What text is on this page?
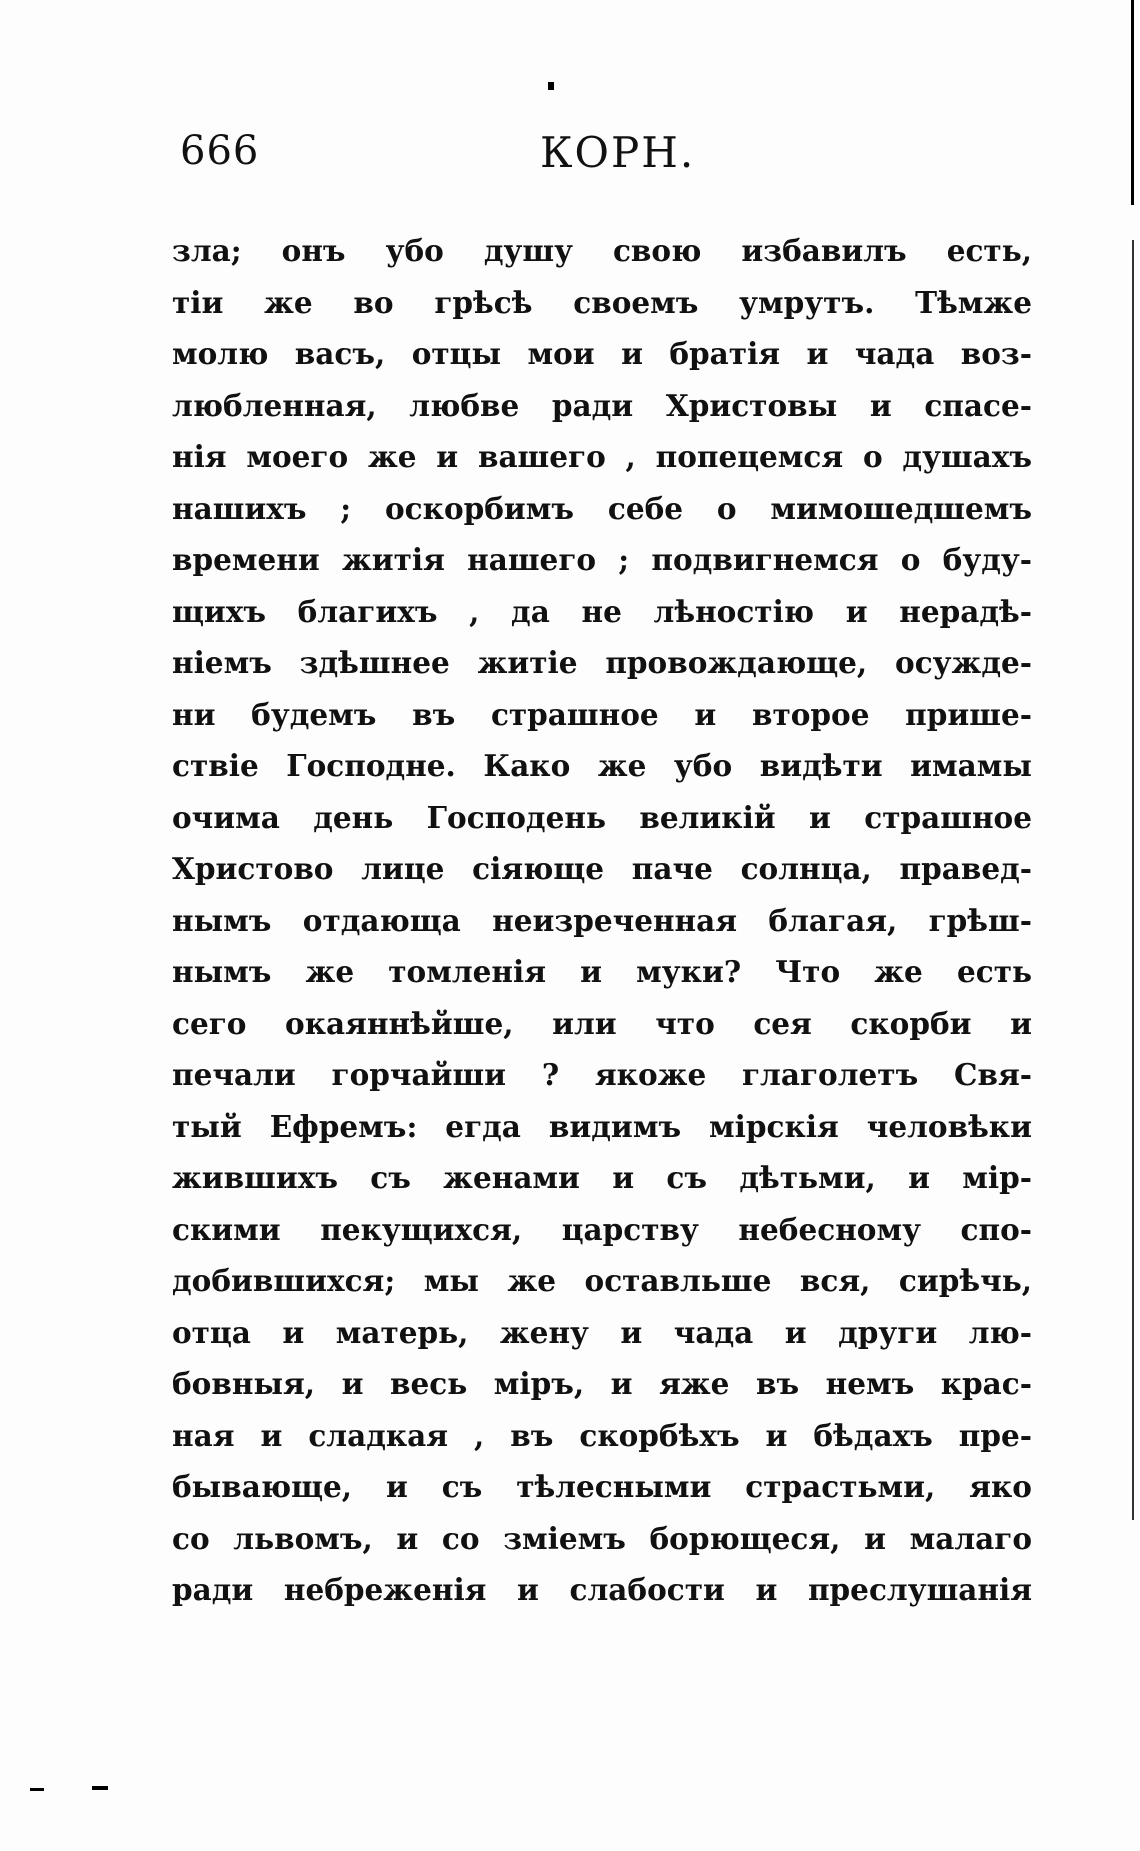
666	КОРН.
зла; онъ убо душу свою избавилъ есть,
тіи же во грѣсѣ своемъ умрутъ. Тѣмже
молю васъ, отцы мои и братія и чада воз-
любленная, любве ради Христовы и спасе-
нія моего же и вашего , попецемся о душахъ
нашихъ ; оскорбимъ себе о мимошедшемъ
времени житія нашего ; подвигнемся о буду-
щихъ благихъ , да не лѣностію и нерадѣ-
ніемъ здѣшнее житіе провождающе, осужде-
ни будемъ въ страшное и второе прише-
ствіе Господне. Како же убо видѣти имамы
очима день Господень великій и страшное
Христово лице сіяюще паче солнца, правед-
нымъ отдающа неизреченная благая, грѣш-
нымъ же томленія и муки? Что же есть
сего окаяннѣйше, или что сея скорби и
печали горчайши ? якоже глаголетъ Свя-
тый Ефремъ: егда видимъ мірскія человѣки
жившихъ съ женами и съ дѣтьми, и мір-
скими пекущихся, царству небесному спо-
добившихся; мы же оставльше вся, сирѣчь,
отца и матерь, жену и чада и други лю-
бовныя, и весь міръ, и яже въ немъ крас-
ная и сладкая , въ скорбѣхъ и бѣдахъ пре-
бывающе, и съ тѣлесными страстьми, яко
со львомъ, и со змiемъ борющеся, и малаго
ради небреженія и слабости и преслушанія
